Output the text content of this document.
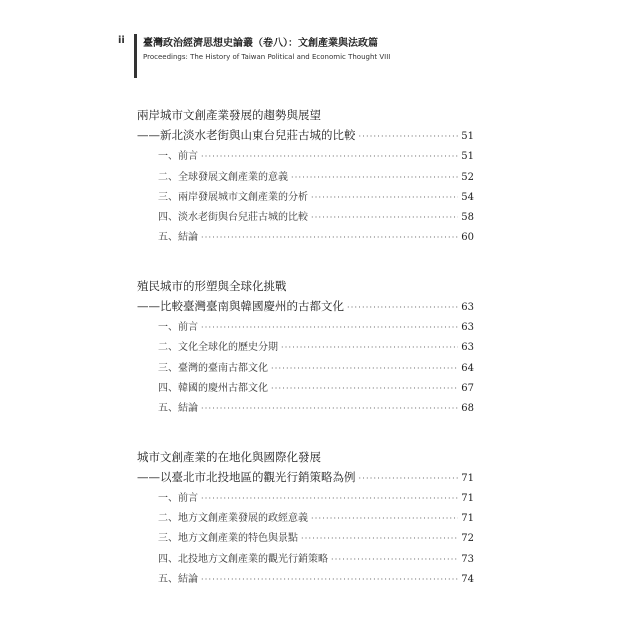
ii 臺灣政治經濟思想史論叢（卷八）：文創產業與法政篇
Proceedings: The History of Taiwan Political and Economic Thought VIII
兩岸城市文創產業發展的趨勢與展望
——新北淡水老街與山東台兒莊古城的比較 ·····	51
一、前言 ·····	51
二、全球發展文創產業的意義 ·····	52
三、兩岸發展城市文創產業的分析 ·····	54
四、淡水老街與台兒莊古城的比較 ·····	58
五、結論 ·····	60
殖民城市的形塑與全球化挑戰
——比較臺灣臺南與韓國慶州的古都文化 ·····	63
一、前言 ·····	63
二、文化全球化的歷史分期 ·····	63
三、臺灣的臺南古都文化 ·····	64
四、韓國的慶州古都文化 ·····	67
五、結論 ·····	68
城市文創產業的在地化與國際化發展
——以臺北市北投地區的觀光行銷策略為例 ·····	71
一、前言 ·····	71
二、地方文創產業發展的政經意義 ·····	71
三、地方文創產業的特色與景點 ·····	72
四、北投地方文創產業的觀光行銷策略 ·····	73
五、結論 ·····	74
